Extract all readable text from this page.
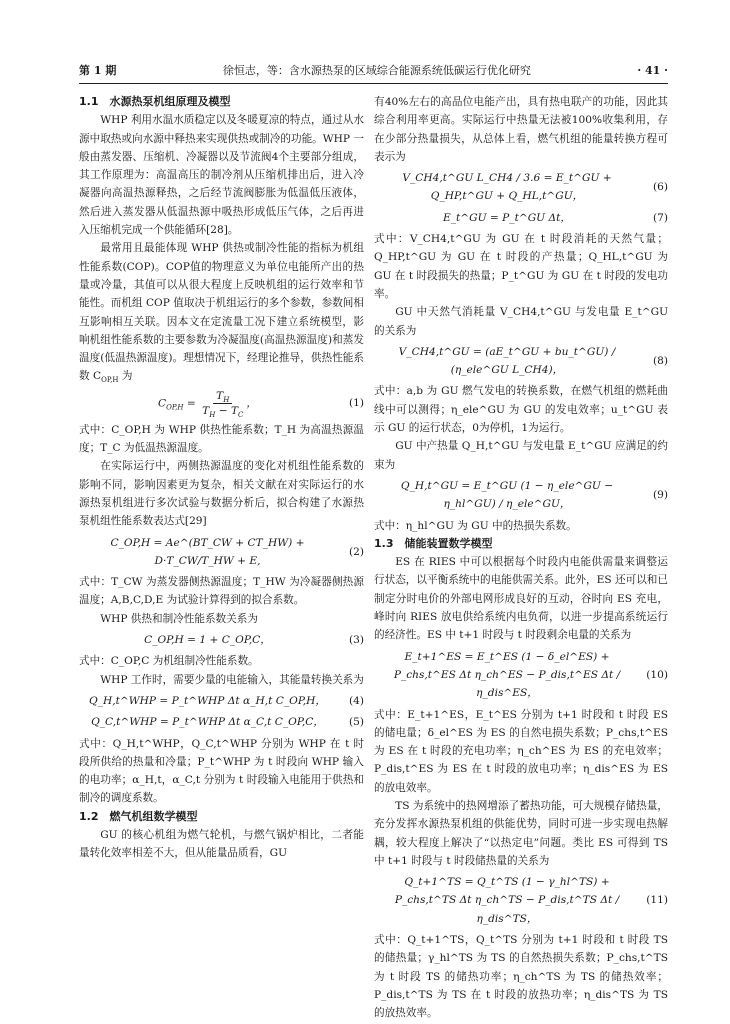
第 1 期	徐恒志，等：含水源热泵的区域综合能源系统低碳运行优化研究	· 41 ·
1.1　水源热泵机组原理及模型

WHP 利用水温水质稳定以及冬暖夏凉的特点，通过从水源中取热或向水源中释热来实现供热或制冷的功能。WHP 一般由蒸发器、压缩机、冷凝器以及节流阀4个主要部分组成，其工作原理为：高温高压的制冷剂从压缩机排出后，进入冷凝器向高温热源释热，之后经节流阀膨胀为低温低压液体，然后进入蒸发器从低温热源中吸热形成低压气体，之后再进入压缩机完成一个供能循环[28]。

最常用且最能体现 WHP 供热或制冷性能的指标为机组性能系数(COP)。COP值的物理意义为单位电能所产出的热量或冷量，其值可以从很大程度上反映机组的运行效率和节能性。而机组 COP 值取决于机组运行的多个参数，参数间相互影响相互关联。因本文在定流量工况下建立系统模型，影响机组性能系数的主要参数为冷凝温度(高温热源温度)和蒸发温度(低温热源温度)。理想情况下，经理论推导，供热性能系数 $C_{OP,H}$ 为

$C_{OP,H} = \frac{T_H}{T_H - T_C}$ ，	(1)

式中：C_OP,H 为 WHP 供热性能系数；T_H 为高温热源温度；T_C 为低温热源温度。

在实际运行中，两侧热源温度的变化对机组性能系数的影响不同，影响因素更为复杂，相关文献在对实际运行的水源热泵机组进行多次试验与数据分析后，拟合构建了水源热泵机组性能系数表达式[29]

C_OP,H = Ae^(BT_CW + CT_HW) + D·T_CW/T_HW + E,
(2)

式中：T_CW 为蒸发器侧热源温度；T_HW 为冷凝器侧热源温度；A,B,C,D,E 为试验计算得到的拟合系数。

WHP 供热和制冷性能系数关系为

C_OP,H = 1 + C_OP,C，	(3)

式中：C_OP,C 为机组制冷性能系数。

WHP 工作时，需要少量的电能输入，其能量转换关系为

Q_H,t^WHP = P_t^WHP Δt α_H,t C_OP,H，	(4)
Q_C,t^WHP = P_t^WHP Δt α_C,t C_OP,C，	(5)

式中：Q_H,t^WHP，Q_C,t^WHP 分别为 WHP 在 t 时段所供给的热量和冷量；P_t^WHP 为 t 时段向 WHP 输入的电功率；α_H,t，α_C,t 分别为 t 时段输入电能用于供热和制冷的调度系数。

1.2　燃气机组数学模型

GU 的核心机组为燃气轮机，与燃气锅炉相比，二者能量转化效率相差不大，但从能量品质看，GU

有40%左右的高品位电能产出，具有热电联产的功能，因此其综合利用率更高。实际运行中热量无法被100%收集利用，存在少部分热量损失，从总体上看，燃气机组的能量转换方程可表示为

V_CH4,t^GU L_CH4 / 3.6 = E_t^GU + Q_HP,t^GU + Q_HL,t^GU，
(6)
E_t^GU = P_t^GU Δt，	(7)

式中：V_CH4,t^GU 为 GU 在 t 时段消耗的天然气量；Q_HP,t^GU 为 GU 在 t 时段的产热量；Q_HL,t^GU 为 GU 在 t 时段损失的热量；P_t^GU 为 GU 在 t 时段的发电功率。

GU 中天然气消耗量 V_CH4,t^GU 与发电量 E_t^GU 的关系为

V_CH4,t^GU = (aE_t^GU + bu_t^GU) / (η_ele^GU L_CH4)，
(8)

式中：a,b 为 GU 燃气发电的转换系数，在燃气机组的燃耗曲线中可以测得；η_ele^GU 为 GU 的发电效率；u_t^GU 表示 GU 的运行状态，0为停机，1为运行。

GU 中产热量 Q_H,t^GU 与发电量 E_t^GU 应满足的约束为

Q_H,t^GU = E_t^GU (1 − η_ele^GU − η_hl^GU) / η_ele^GU，
(9)

式中：η_hl^GU 为 GU 中的热损失系数。

1.3　储能装置数学模型

ES 在 RIES 中可以根据每个时段内电能供需量来调整运行状态，以平衡系统中的电能供需关系。此外，ES 还可以和已制定分时电价的外部电网形成良好的互动，谷时向 ES 充电，峰时向 RIES 放电供给系统内电负荷，以进一步提高系统运行的经济性。ES 中 t+1 时段与 t 时段剩余电量的关系为

E_t+1^ES = E_t^ES (1 − δ_el^ES) + P_chs,t^ES Δt η_ch^ES − P_dis,t^ES Δt / η_dis^ES，
(10)

式中：E_t+1^ES，E_t^ES 分别为 t+1 时段和 t 时段 ES 的储电量；δ_el^ES 为 ES 的自然电损失系数；P_chs,t^ES 为 ES 在 t 时段的充电功率；η_ch^ES 为 ES 的充电效率；P_dis,t^ES 为 ES 在 t 时段的放电功率；η_dis^ES 为 ES 的放电效率。

TS 为系统中的热网增添了蓄热功能，可大规模存储热量，充分发挥水源热泵机组的供能优势，同时可进一步实现电热解耦，较大程度上解决了“以热定电”问题。类比 ES 可得到 TS 中 t+1 时段与 t 时段储热量的关系为

Q_t+1^TS = Q_t^TS (1 − γ_hl^TS) + P_chs,t^TS Δt η_ch^TS − P_dis,t^TS Δt / η_dis^TS，
(11)

式中：Q_t+1^TS，Q_t^TS 分别为 t+1 时段和 t 时段 TS 的储热量；γ_hl^TS 为 TS 的自然热损失系数；P_chs,t^TS 为 t 时段 TS 的储热功率；η_ch^TS 为 TS 的储热效率；P_dis,t^TS 为 TS 在 t 时段的放热功率；η_dis^TS 为 TS 的放热效率。
